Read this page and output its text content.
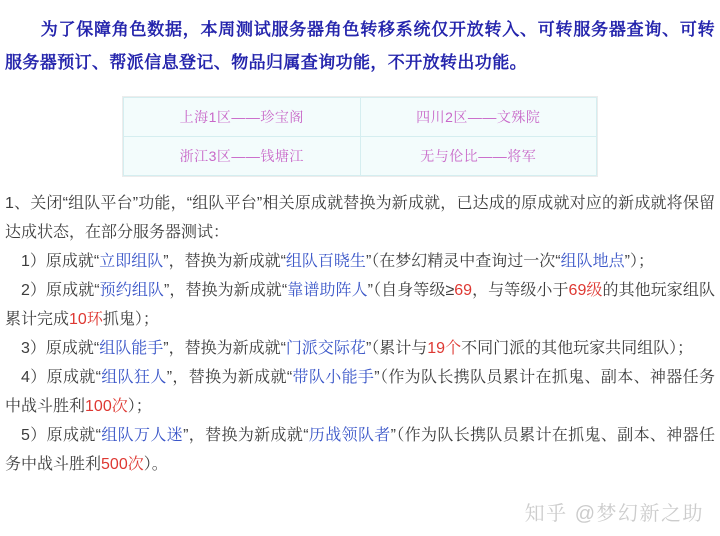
为了保障角色数据，本周测试服务器角色转移系统仅开放转入、可转服务器查询、可转服务器预订、帮派信息登记、物品归属查询功能，不开放转出功能。

上海1区——珍宝阁	四川2区——文殊院
浙江3区——钱塘江	无与伦比——将军

1、关闭“组队平台”功能，“组队平台”相关原成就替换为新成就，已达成的原成就对应的新成就将保留达成状态，在部分服务器测试：

1）原成就“立即组队”，替换为新成就“组队百晓生”（在梦幻精灵中查询过一次“组队地点”）；

2）原成就“预约组队”，替换为新成就“靠谱助阵人”（自身等级≥69，与等级小于69级的其他玩家组队累计完成10环抓鬼）；

3）原成就“组队能手”，替换为新成就“门派交际花”（累计与19个不同门派的其他玩家共同组队）；

4）原成就“组队狂人”，替换为新成就“带队小能手”（作为队长携队员累计在抓鬼、副本、神器任务中战斗胜利100次）；

5）原成就“组队万人迷”，替换为新成就“历战领队者”（作为队长携队员累计在抓鬼、副本、神器任务中战斗胜利500次）。

知乎 @梦幻新之助
